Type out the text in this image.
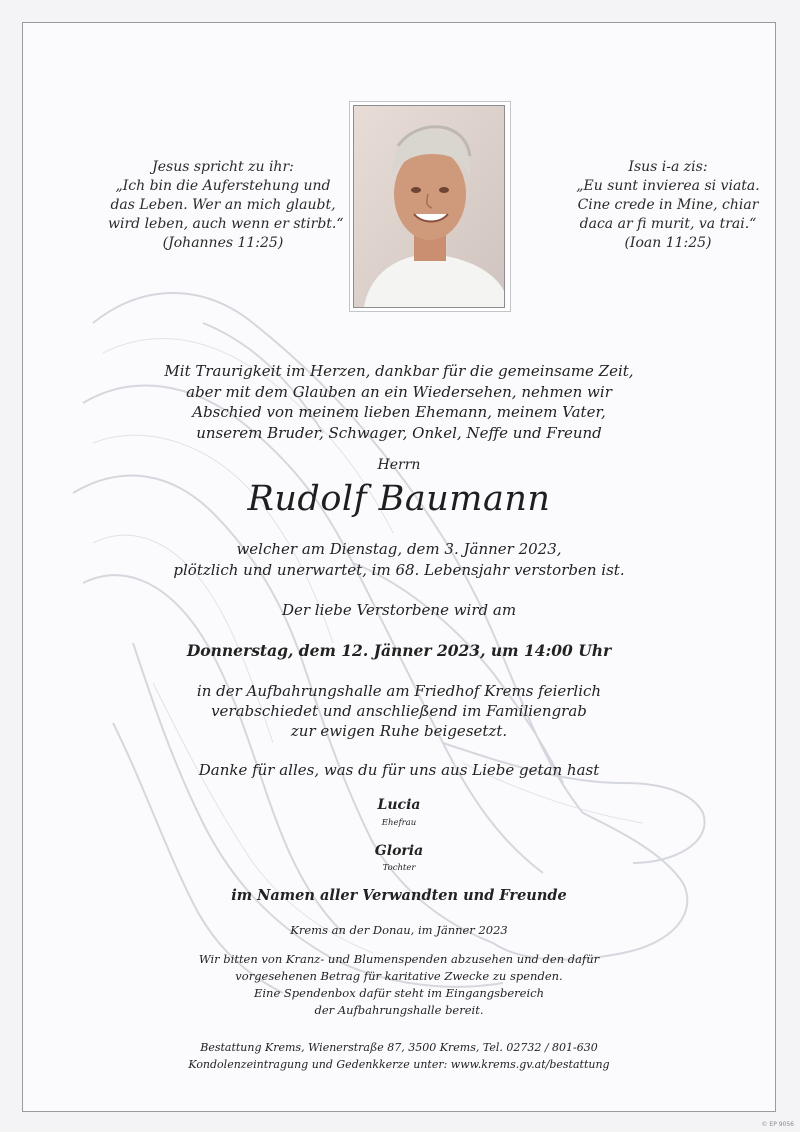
Jesus spricht zu ihr:
„Ich bin die Auferstehung und
das Leben. Wer an mich glaubt,
wird leben, auch wenn er stirbt.“
(Johannes 11:25)
Isus i-a zis:
„Eu sunt invierea si viata.
Cine crede in Mine, chiar
daca ar fi murit, va trai.“
(Ioan 11:25)
Mit Traurigkeit im Herzen, dankbar für die gemeinsame Zeit,
aber mit dem Glauben an ein Wiedersehen, nehmen wir
Abschied von meinem lieben Ehemann, meinem Vater,
unserem Bruder, Schwager, Onkel, Neffe und Freund
Herrn
Rudolf Baumann
welcher am Dienstag, dem 3. Jänner 2023,
plötzlich und unerwartet, im 68. Lebensjahr verstorben ist.
Der liebe Verstorbene wird am
Donnerstag, dem 12. Jänner 2023, um 14:00 Uhr
in der Aufbahrungshalle am Friedhof Krems feierlich
verabschiedet und anschließend im Familiengrab
zur ewigen Ruhe beigesetzt.
Danke für alles, was du für uns aus Liebe getan hast
Lucia
Ehefrau
Gloria
Tochter
im Namen aller Verwandten und Freunde
Krems an der Donau, im Jänner 2023
Wir bitten von Kranz- und Blumenspenden abzusehen und den dafür
vorgesehenen Betrag für karitative Zwecke zu spenden.
Eine Spendenbox dafür steht im Eingangsbereich
der Aufbahrungshalle bereit.
Bestattung Krems, Wienerstraße 87, 3500 Krems, Tel. 02732 / 801-630
Kondolenzeintragung und Gedenkkerze unter: www.krems.gv.at/bestattung
© EP 9056
